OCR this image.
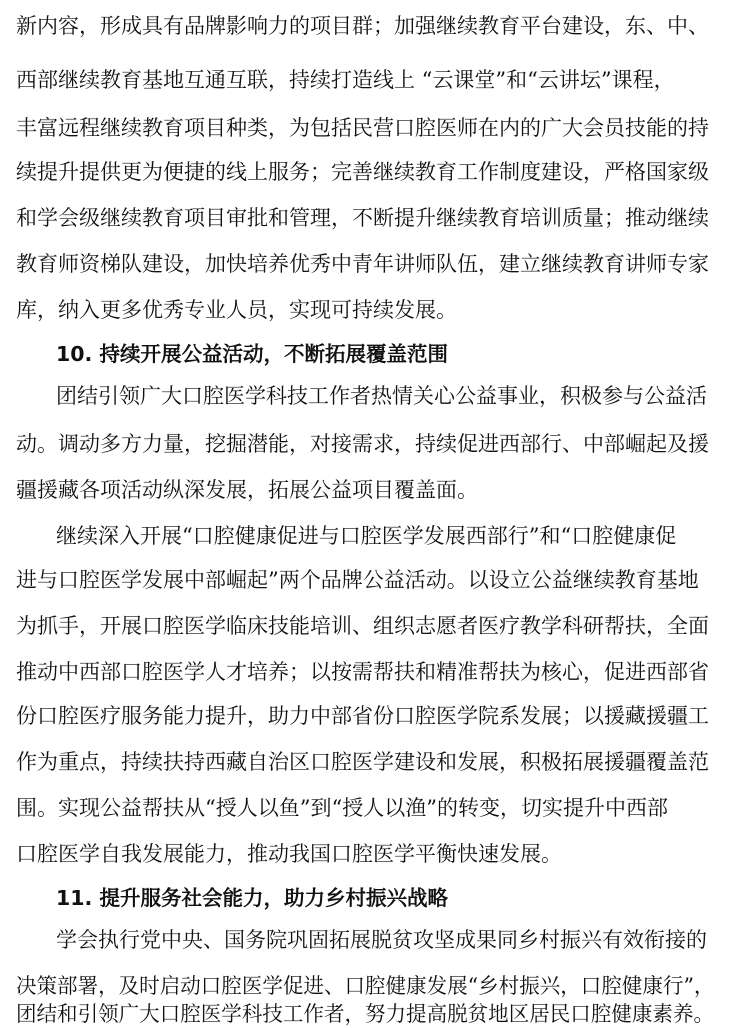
新内容，形成具有品牌影响力的项目群；加强继续教育平台建设，东、中、
西部继续教育基地互通互联，持续打造线上 “云课堂”和“云讲坛”课程，
丰富远程继续教育项目种类，为包括民营口腔医师在内的广大会员技能的持
续提升提供更为便捷的线上服务；完善继续教育工作制度建设，严格国家级
和学会级继续教育项目审批和管理，不断提升继续教育培训质量；推动继续
教育师资梯队建设，加快培养优秀中青年讲师队伍，建立继续教育讲师专家
库，纳入更多优秀专业人员，实现可持续发展。
10. 持续开展公益活动，不断拓展覆盖范围
团结引领广大口腔医学科技工作者热情关心公益事业，积极参与公益活
动。调动多方力量，挖掘潜能，对接需求，持续促进西部行、中部崛起及援
疆援藏各项活动纵深发展，拓展公益项目覆盖面。
继续深入开展“口腔健康促进与口腔医学发展西部行”和“口腔健康促
进与口腔医学发展中部崛起”两个品牌公益活动。以设立公益继续教育基地
为抓手，开展口腔医学临床技能培训、组织志愿者医疗教学科研帮扶，全面
推动中西部口腔医学人才培养；以按需帮扶和精准帮扶为核心，促进西部省
份口腔医疗服务能力提升，助力中部省份口腔医学院系发展；以援藏援疆工
作为重点，持续扶持西藏自治区口腔医学建设和发展，积极拓展援疆覆盖范
围。实现公益帮扶从“授人以鱼”到“授人以渔”的转变，切实提升中西部
口腔医学自我发展能力，推动我国口腔医学平衡快速发展。
11. 提升服务社会能力，助力乡村振兴战略
学会执行党中央、国务院巩固拓展脱贫攻坚成果同乡村振兴有效衔接的
决策部署，及时启动口腔医学促进、口腔健康发展“乡村振兴，口腔健康行”，
团结和引领广大口腔医学科技工作者，努力提高脱贫地区居民口腔健康素养。
